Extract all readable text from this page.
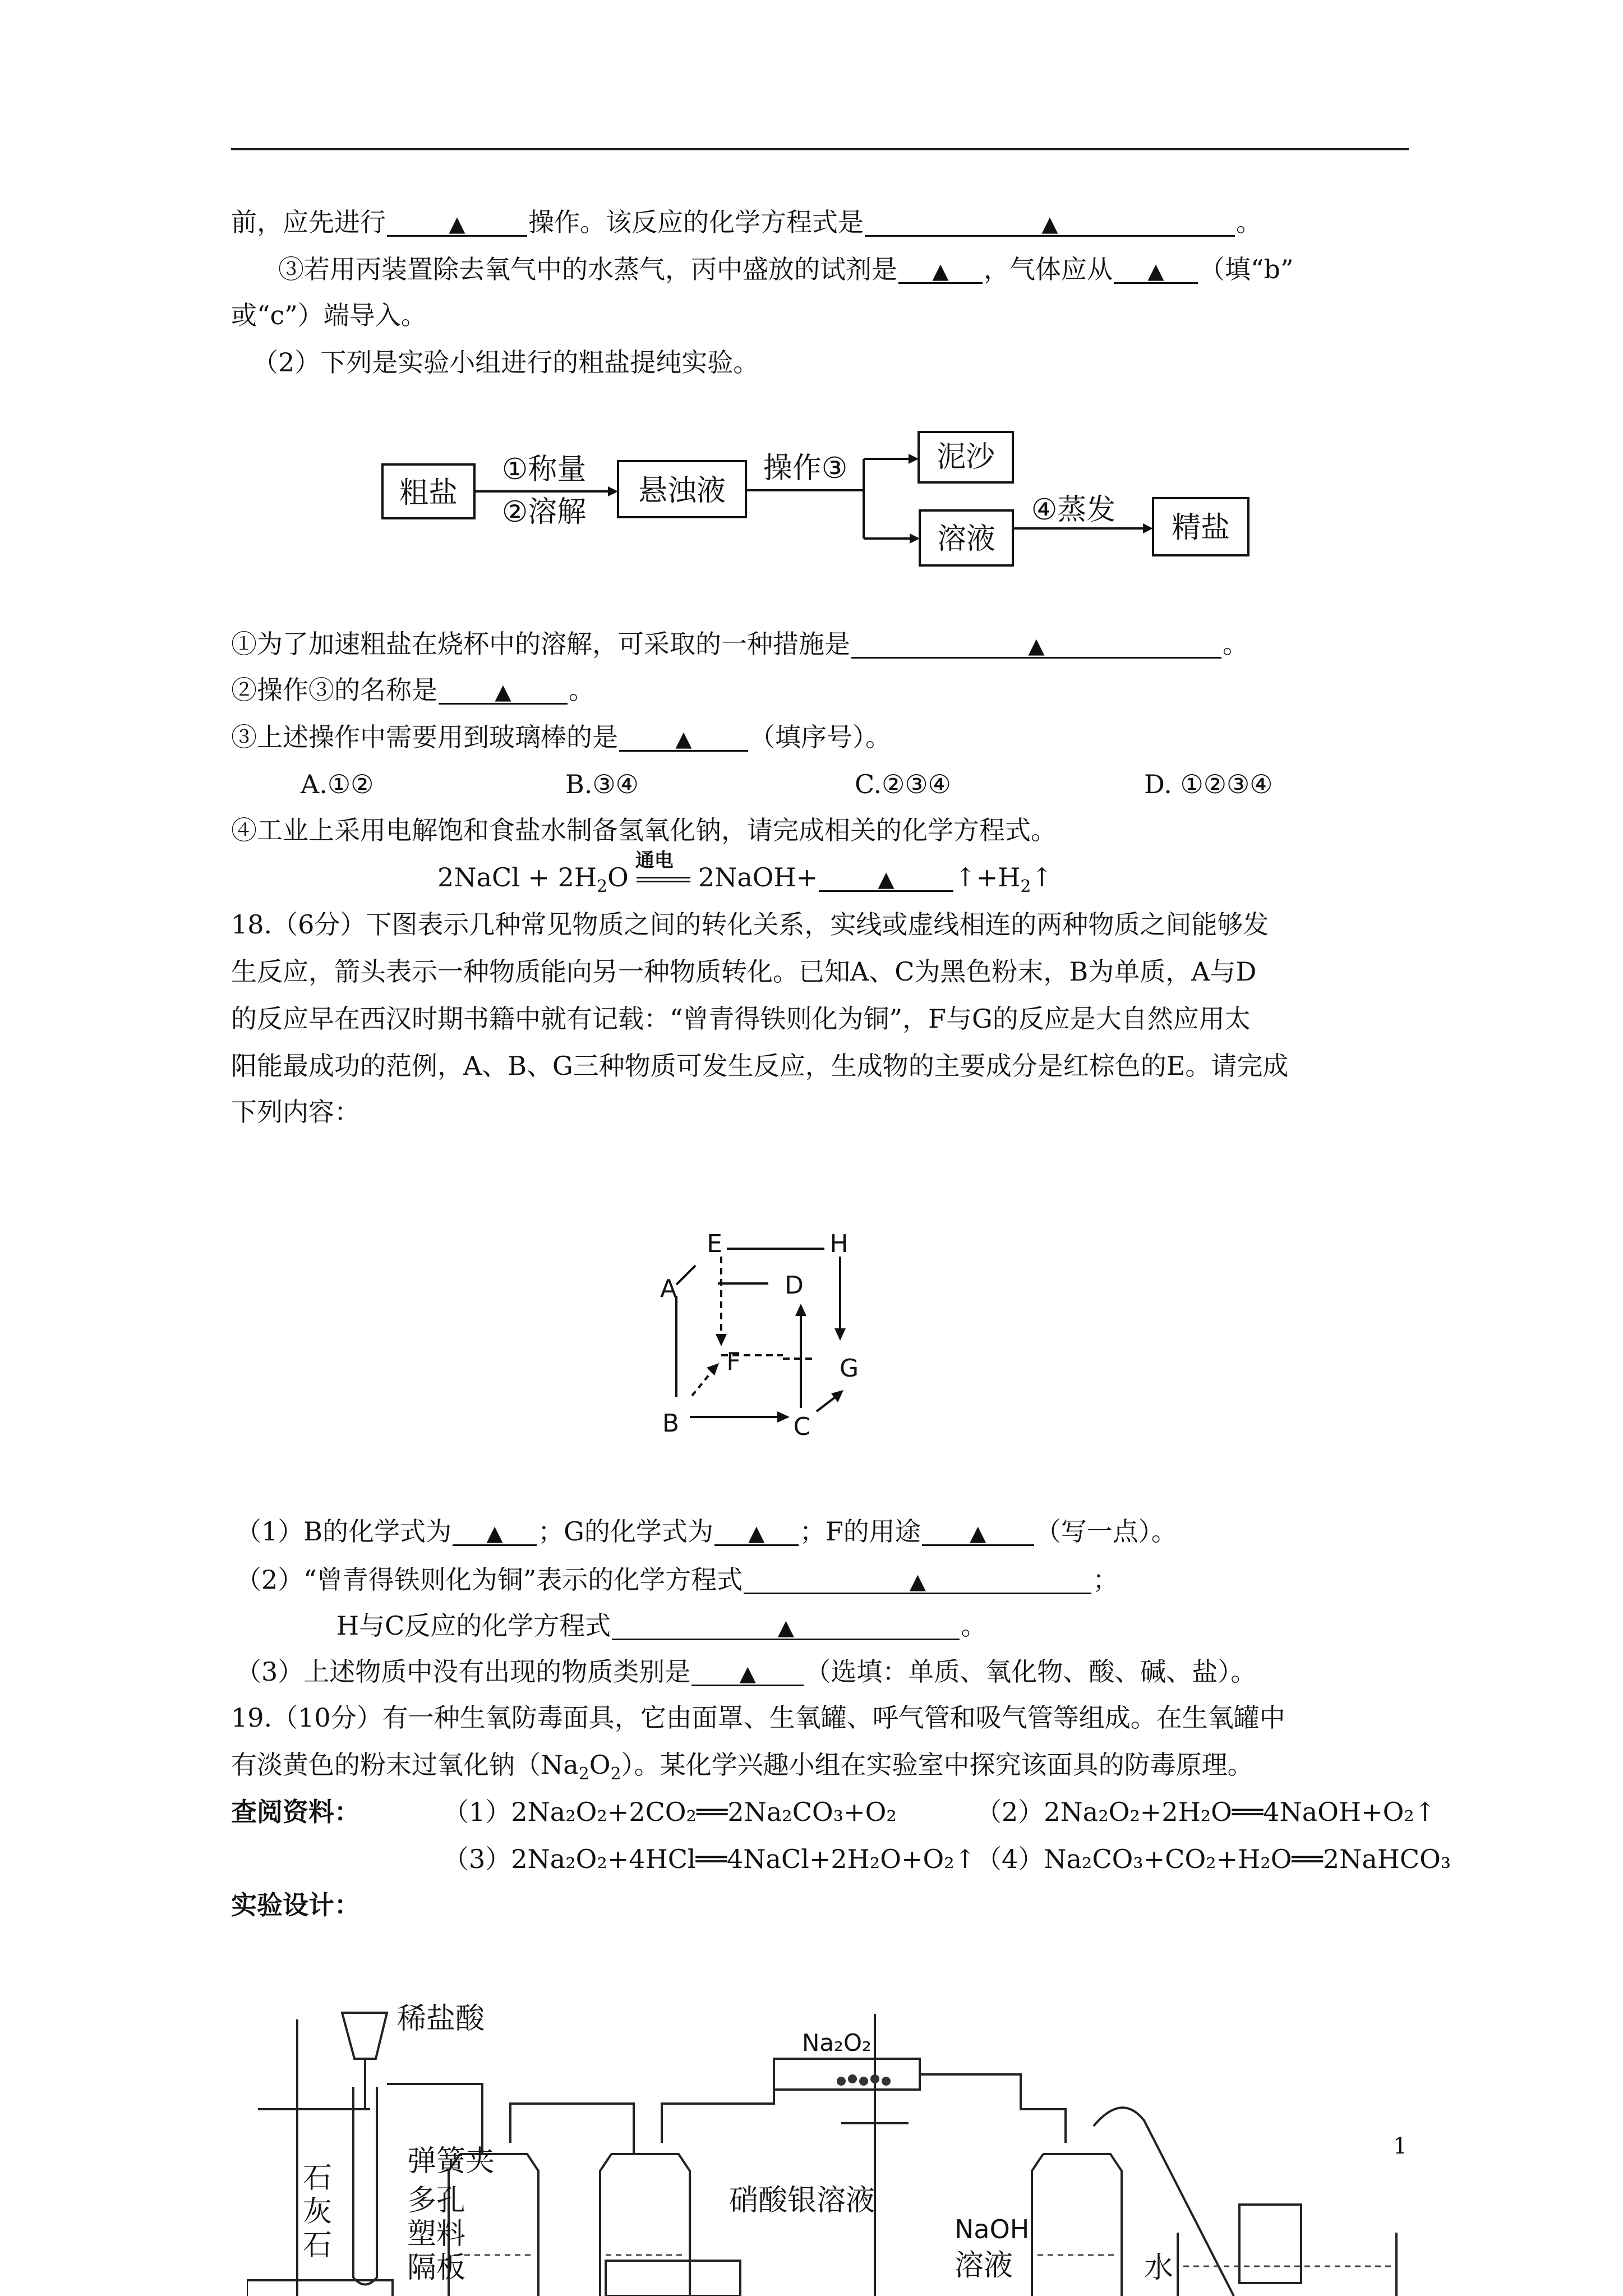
前，应先进行	▲ 操作。该反应的化学方程式是	▲	。
③若用丙装置除去氧气中的水蒸气，丙中盛放的试剂是 ▲ ，气体应从 ▲ （填“b”
或“c”）端导入。
（2）下列是实验小组进行的粗盐提纯实验。
粗盐	悬浊液
泥沙
溶液	精盐
①称量
②溶解
操作③
④蒸发
①为了加速粗盐在烧杯中的溶解，可采取的一种措施是	▲	。
②操作③的名称是	▲ 。
③上述操作中需要用到玻璃棒的是	▲ （填序号）。
A.①②	B.③④	C.②③④	D. ①②③④
④工业上采用电解饱和食盐水制备氢氧化钠，请完成相关的化学方程式。
2NaCl + $2H_2O$
通电
2NaOH+	▲ $↑+H_2↑$
18.（6分）下图表示几种常见物质之间的转化关系，实线或虚线相连的两种物质之间能够发
生反应，箭头表示一种物质能向另一种物质转化。已知A、C为黑色粉末，B为单质，A与D
的反应早在西汉时期书籍中就有记载：“曾青得铁则化为铜”，F与G的反应是大自然应用太
阳能最成功的范例，A、B、G三种物质可发生反应，生成物的主要成分是红棕色的E。请完成
下列内容：
E	H
A	D
F	G
B	C
（1）B的化学式为 ▲ ；G的化学式为 ▲ ；F的用途 ▲ （写一点）。
（2）“曾青得铁则化为铜”表示的化学方程式	▲	；
H与C反应的化学方程式	▲	。
（3）上述物质中没有出现的物质类别是 ▲ （选填：单质、氧化物、酸、碱、盐）。
19.（10分）有一种生氧防毒面具，它由面罩、生氧罐、呼气管和吸气管等组成。在生氧罐中
有淡黄色的粉末过氧化钠$(Na_2O_2)$。某化学兴趣小组在实验室中探究该面具的防毒原理。
查阅资料：	（1）2Na₂O₂+2CO₂══2Na₂CO₃+O₂	（2）2Na₂O₂+2H₂O══4NaOH+O₂↑
（3）2Na₂O₂+4HCl══4NaCl+2H₂O+O₂↑ （4）Na₂CO₃+CO₂+H₂O══2NaHCO₃
实验设计：
1
稀盐酸
弹簧夹
石
灰
石
多孔
塑料
隔板
Na₂O₂
硝酸银溶液
NaOH
溶液	水
